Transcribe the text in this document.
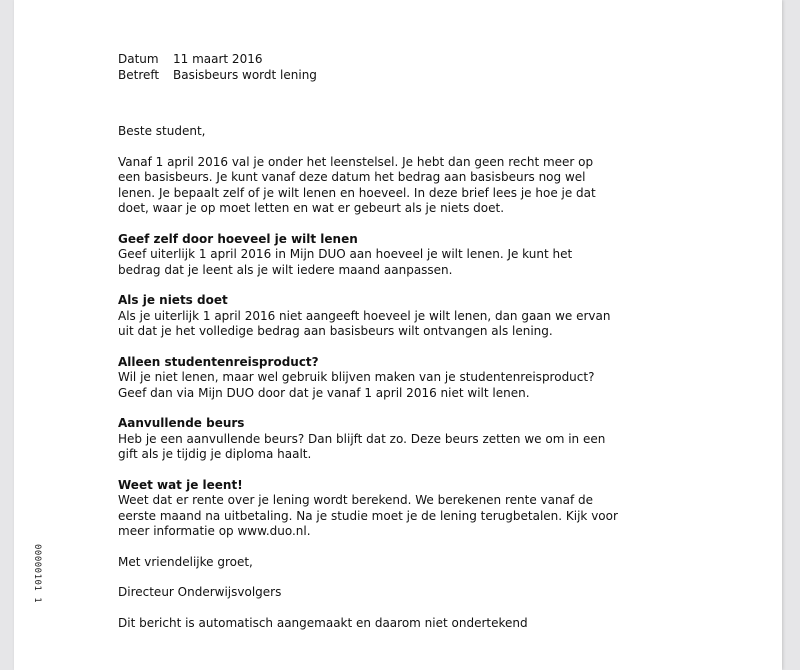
00000101 1
Datum	11 maart 2016
Betreft	Basisbeurs wordt lening

Beste student,

Vanaf 1 april 2016 val je onder het leenstelsel. Je hebt dan geen recht meer op een basisbeurs. Je kunt vanaf deze datum het bedrag aan basisbeurs nog wel lenen. Je bepaalt zelf of je wilt lenen en hoeveel. In deze brief lees je hoe je dat doet, waar je op moet letten en wat er gebeurt als je niets doet.

Geef zelf door hoeveel je wilt lenen

Geef uiterlijk 1 april 2016 in Mijn DUO aan hoeveel je wilt lenen. Je kunt het bedrag dat je leent als je wilt iedere maand aanpassen.

Als je niets doet

Als je uiterlijk 1 april 2016 niet aangeeft hoeveel je wilt lenen, dan gaan we ervan uit dat je het volledige bedrag aan basisbeurs wilt ontvangen als lening.

Alleen studentenreisproduct?

Wil je niet lenen, maar wel gebruik blijven maken van je studentenreisproduct? Geef dan via Mijn DUO door dat je vanaf 1 april 2016 niet wilt lenen.

Aanvullende beurs

Heb je een aanvullende beurs? Dan blijft dat zo. Deze beurs zetten we om in een gift als je tijdig je diploma haalt.

Weet wat je leent!

Weet dat er rente over je lening wordt berekend. We berekenen rente vanaf de eerste maand na uitbetaling. Na je studie moet je de lening terugbetalen. Kijk voor meer informatie op www.duo.nl.

Met vriendelijke groet,

Directeur Onderwijsvolgers

Dit bericht is automatisch aangemaakt en daarom niet ondertekend
